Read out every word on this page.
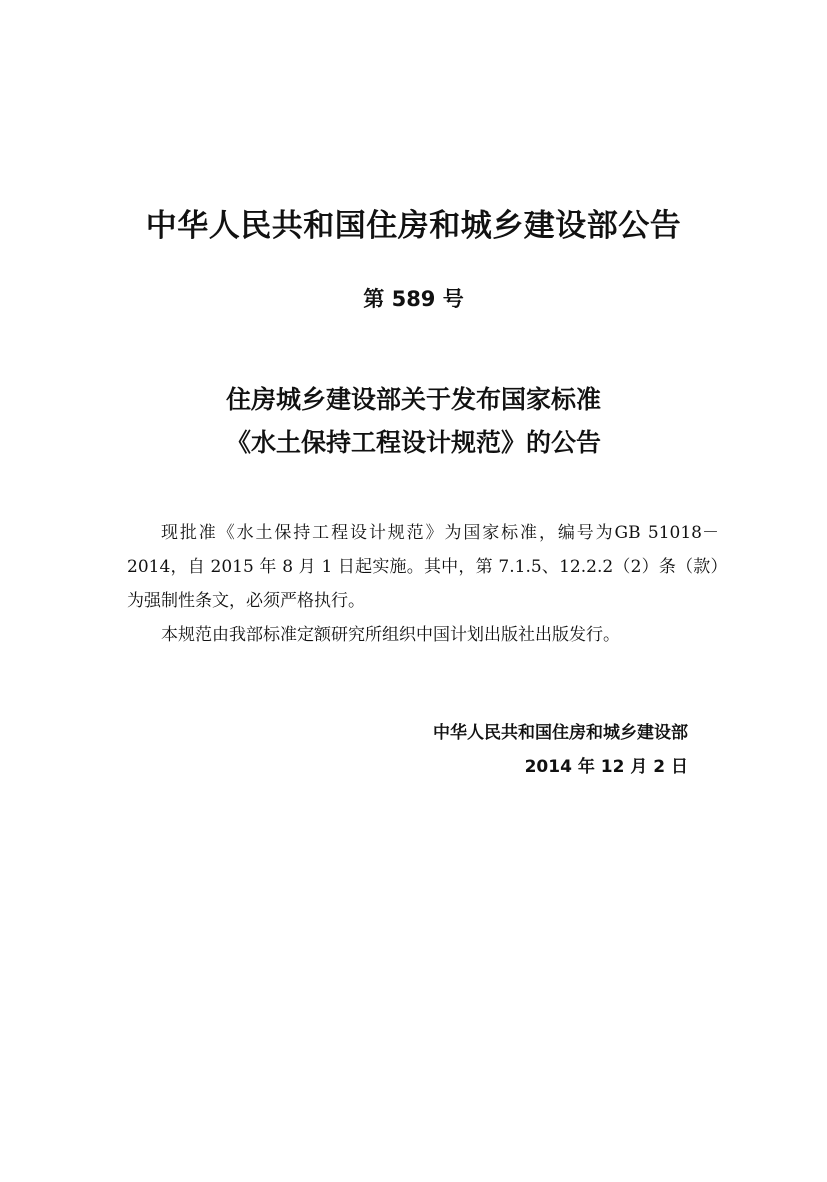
中华人民共和国住房和城乡建设部公告
第 589 号
住房城乡建设部关于发布国家标准
《水土保持工程设计规范》的公告

现批准《水土保持工程设计规范》为国家标准，编号为GB 51018－2014，自 2015 年 8 月 1 日起实施。其中，第 7.1.5、12.2.2（2）条（款）为强制性条文，必须严格执行。

本规范由我部标准定额研究所组织中国计划出版社出版发行。

中华人民共和国住房和城乡建设部
2014 年 12 月 2 日
